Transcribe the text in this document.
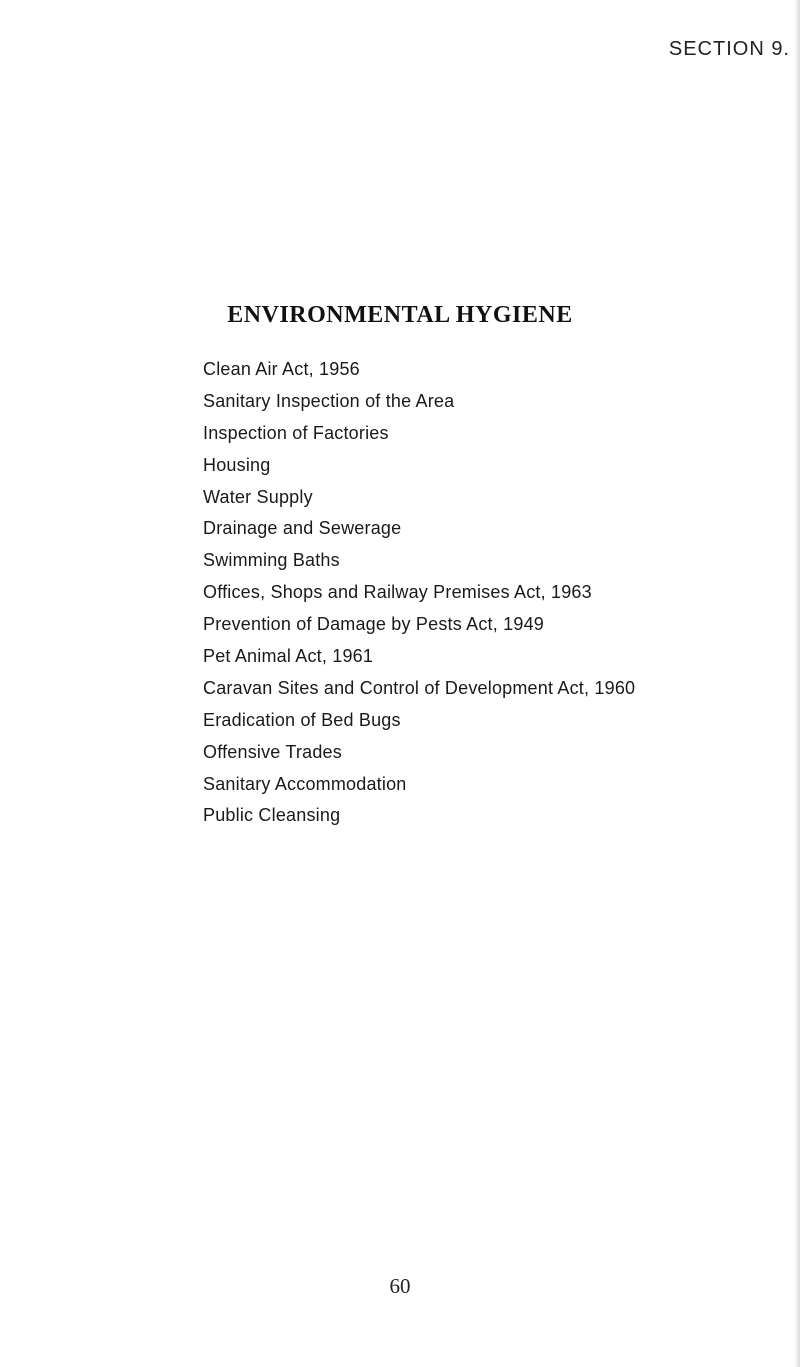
SECTION 9.
ENVIRONMENTAL HYGIENE
Clean Air Act, 1956
Sanitary Inspection of the Area
Inspection of Factories
Housing
Water Supply
Drainage and Sewerage
Swimming Baths
Offices, Shops and Railway Premises Act, 1963
Prevention of Damage by Pests Act, 1949
Pet Animal Act, 1961
Caravan Sites and Control of Development Act, 1960
Eradication of Bed Bugs
Offensive Trades
Sanitary Accommodation
Public Cleansing
60
